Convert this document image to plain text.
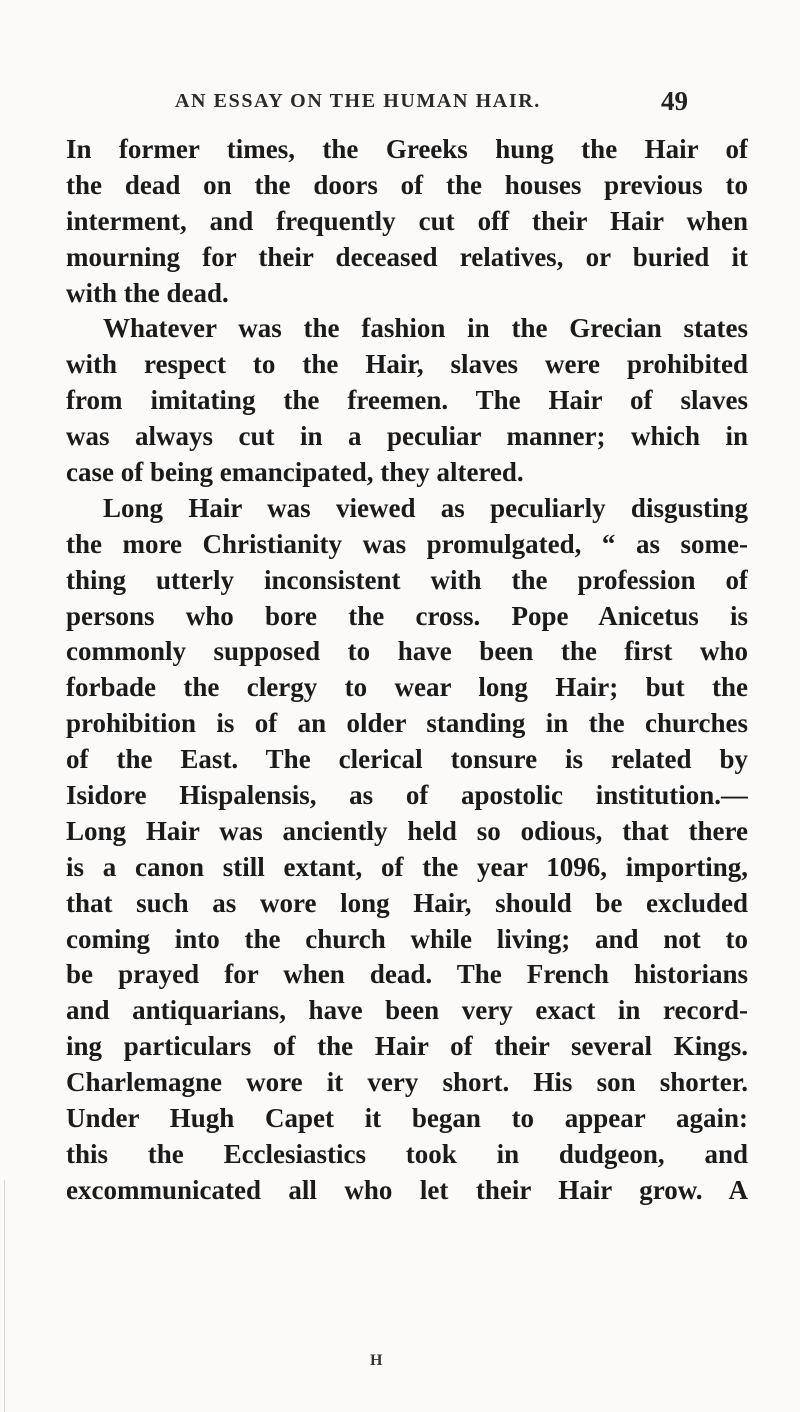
AN ESSAY ON THE HUMAN HAIR.	49
In former times, the Greeks hung the Hair of
the dead on the doors of the houses previous to
interment, and frequently cut off their Hair when
mourning for their deceased relatives, or buried it
with the dead.
Whatever was the fashion in the Grecian states
with respect to the Hair, slaves were prohibited
from imitating the freemen. The Hair of slaves
was always cut in a peculiar manner; which in
case of being emancipated, they altered.
Long Hair was viewed as peculiarly disgusting
the more Christianity was promulgated, “ as some-
thing utterly inconsistent with the profession of
persons who bore the cross. Pope Anicetus is
commonly supposed to have been the first who
forbade the clergy to wear long Hair; but the
prohibition is of an older standing in the churches
of the East. The clerical tonsure is related by
Isidore Hispalensis, as of apostolic institution.—
Long Hair was anciently held so odious, that there
is a canon still extant, of the year 1096, importing,
that such as wore long Hair, should be excluded
coming into the church while living; and not to
be prayed for when dead. The French historians
and antiquarians, have been very exact in record-
ing particulars of the Hair of their several Kings.
Charlemagne wore it very short. His son shorter.
Under Hugh Capet it began to appear again:
this the Ecclesiastics took in dudgeon, and
excommunicated all who let their Hair grow. A
H
